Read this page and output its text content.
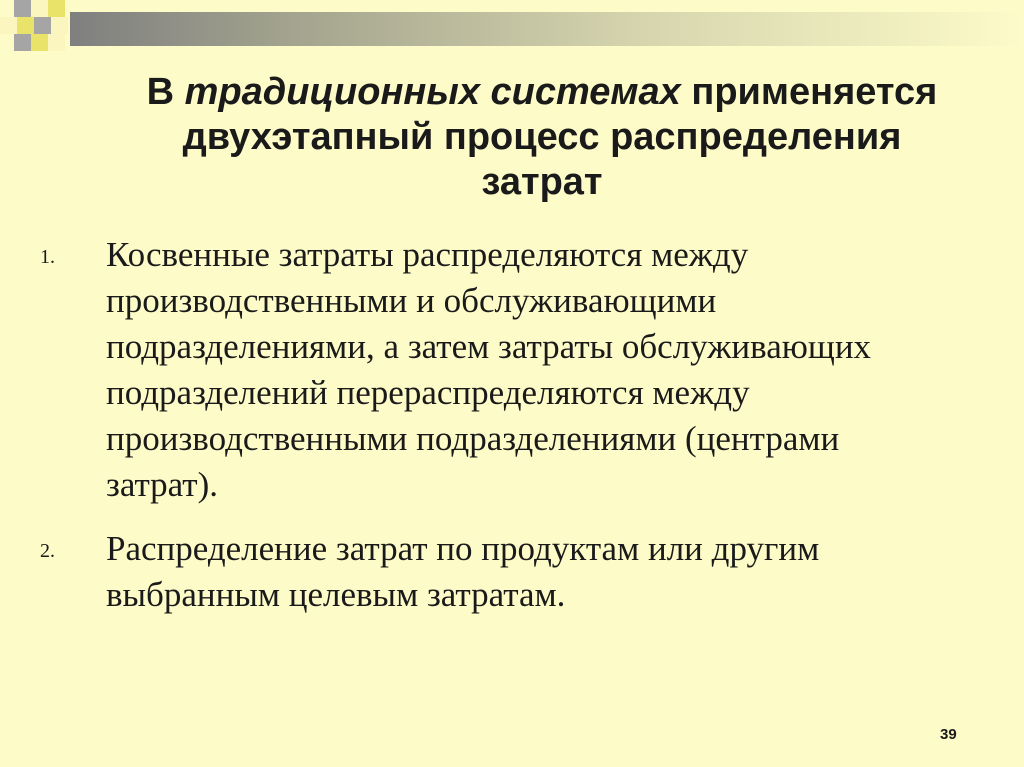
В традиционных системах применяется
двухэтапный процесс распределения
затрат
1. Косвенные затраты распределяются между
производственными и обслуживающими
подразделениями, а затем затраты обслуживающих
подразделений перераспределяются между
производственными подразделениями (центрами
затрат).
2. Распределение затрат по продуктам или другим
выбранным целевым затратам.
39
